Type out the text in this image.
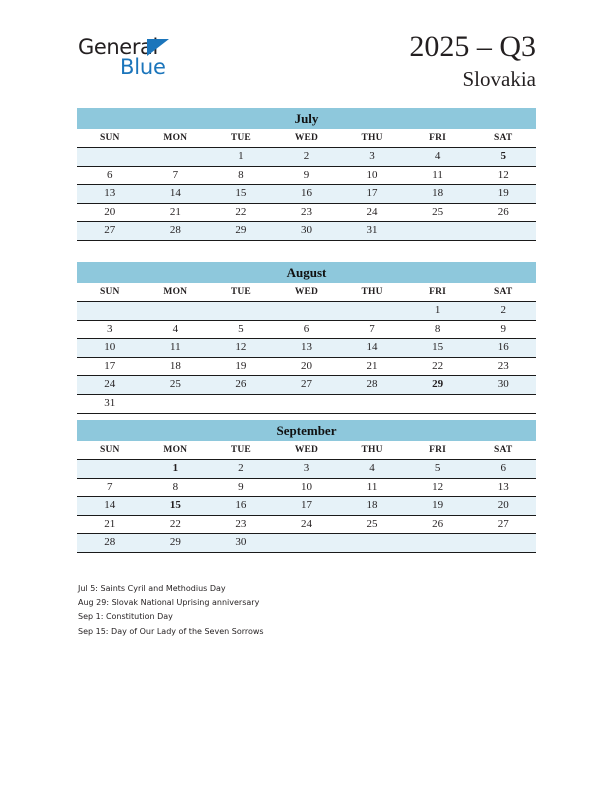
General
Blue
2025 – Q3
Slovakia
July
SUN	MON	TUE	WED	THU	FRI	SAT
		1	2	3	4	5
6	7	8	9	10	11	12
13	14	15	16	17	18	19
20	21	22	23	24	25	26
27	28	29	30	31		
August
SUN	MON	TUE	WED	THU	FRI	SAT
					1	2
3	4	5	6	7	8	9
10	11	12	13	14	15	16
17	18	19	20	21	22	23
24	25	26	27	28	29	30
31						
September
SUN	MON	TUE	WED	THU	FRI	SAT
	1	2	3	4	5	6
7	8	9	10	11	12	13
14	15	16	17	18	19	20
21	22	23	24	25	26	27
28	29	30				
Jul 5: Saints Cyril and Methodius Day
Aug 29: Slovak National Uprising anniversary
Sep 1: Constitution Day
Sep 15: Day of Our Lady of the Seven Sorrows
